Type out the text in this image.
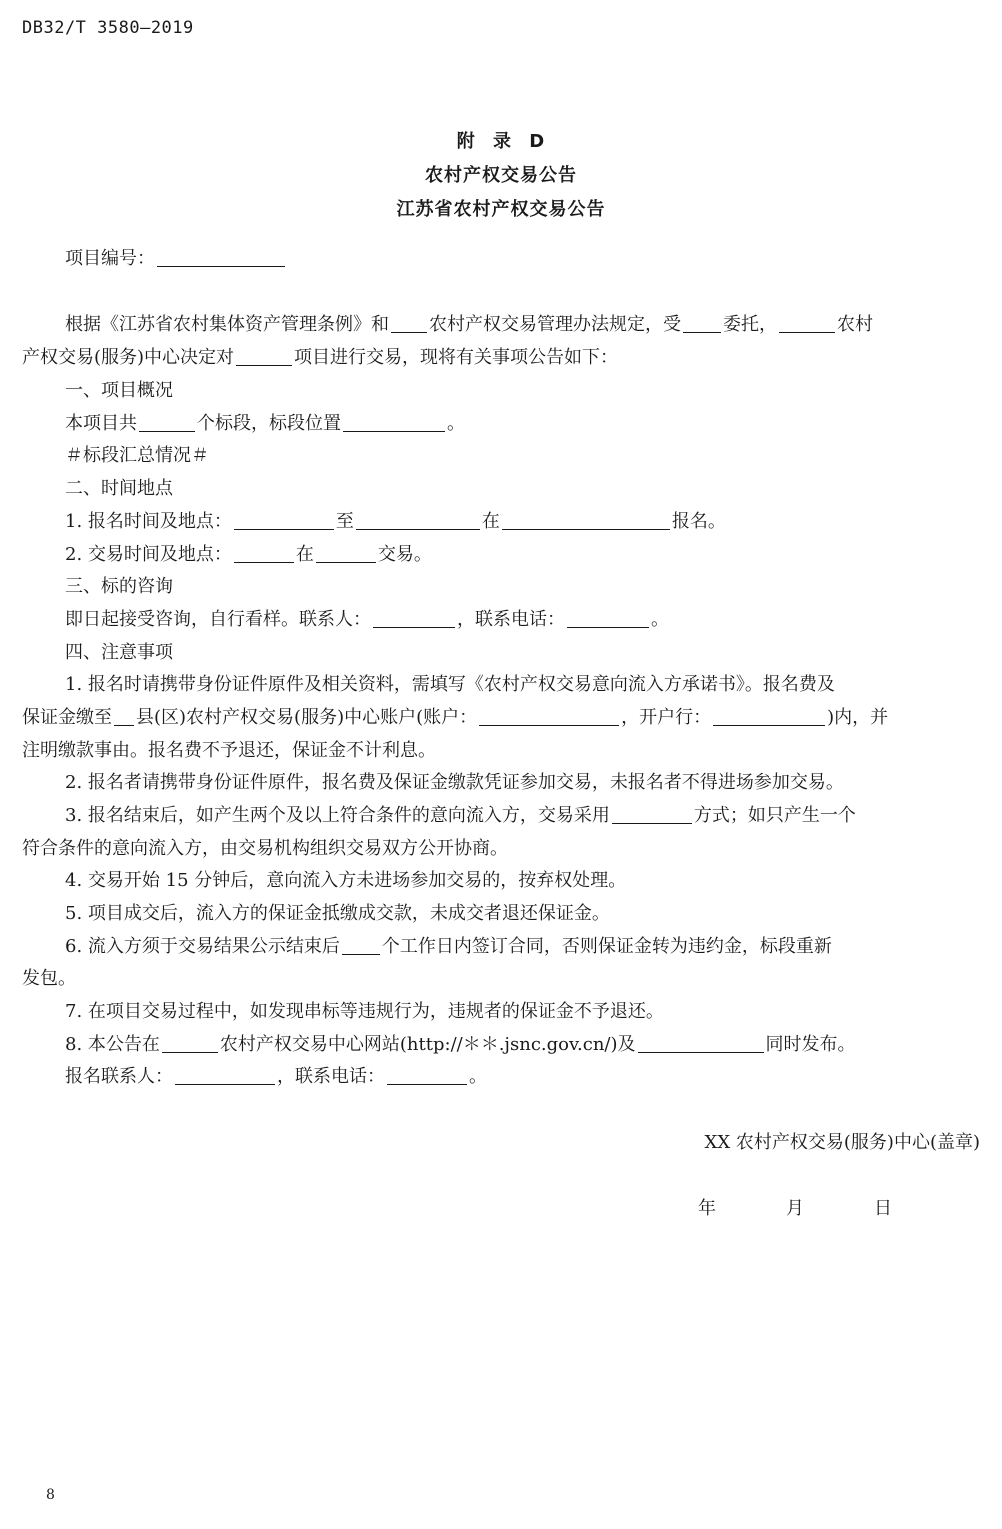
DB32/T 3580—2019
附 录 D
农村产权交易公告
江苏省农村产权交易公告
项目编号：
根据《江苏省农村集体资产管理条例》和 农村产权交易管理办法规定，受 委托，	农村
产权交易(服务)中心决定对	项目进行交易，现将有关事项公告如下：
一、项目概况
本项目共	个标段，标段位置	。
＃标段汇总情况＃
二、时间地点
1. 报名时间及地点：	至	在	报名。
2. 交易时间及地点：	在	交易。
三、标的咨询
即日起接受咨询，自行看样。联系人：	，联系电话：	。
四、注意事项
1. 报名时请携带身份证件原件及相关资料，需填写《农村产权交易意向流入方承诺书》。报名费及
保证金缴至 县(区)农村产权交易(服务)中心账户(账户：	，开户行：	)内，并
注明缴款事由。报名费不予退还，保证金不计利息。
2. 报名者请携带身份证件原件，报名费及保证金缴款凭证参加交易，未报名者不得进场参加交易。
3. 报名结束后，如产生两个及以上符合条件的意向流入方，交易采用	方式；如只产生一个
符合条件的意向流入方，由交易机构组织交易双方公开协商。
4. 交易开始 15 分钟后，意向流入方未进场参加交易的，按弃权处理。
5. 项目成交后，流入方的保证金抵缴成交款，未成交者退还保证金。
6. 流入方须于交易结果公示结束后 个工作日内签订合同，否则保证金转为违约金，标段重新
发包。
7. 在项目交易过程中，如发现串标等违规行为，违规者的保证金不予退还。
8. 本公告在	农村产权交易中心网站(http://＊＊.jsnc.gov.cn/)及	同时发布。
报名联系人：	，联系电话：	。
XX 农村产权交易(服务)中心(盖章)
年	月	日
8
